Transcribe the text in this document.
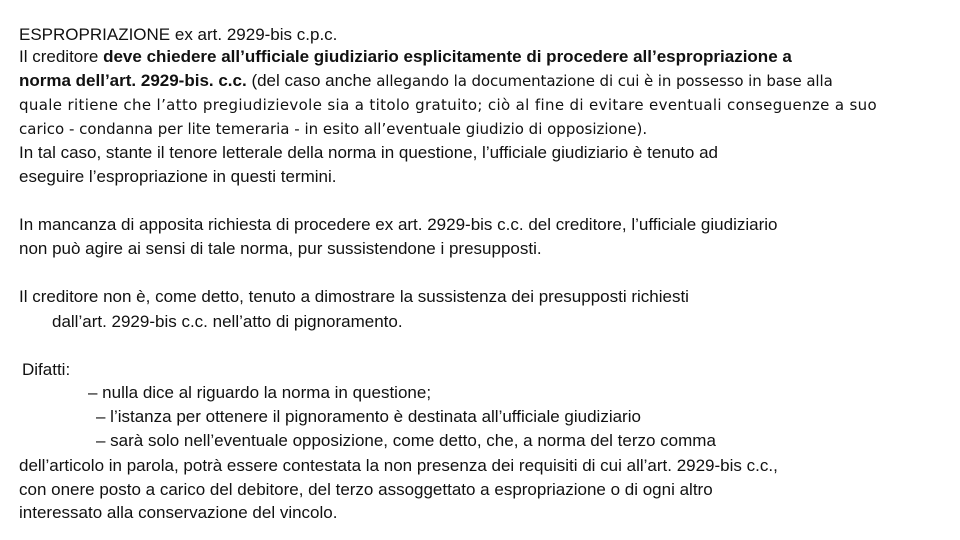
ESPROPRIAZIONE ex art. 2929-bis c.p.c.
Il creditore deve chiedere all’ufficiale giudiziario esplicitamente di procedere all’espropriazione a
norma dell’art. 2929-bis. c.c. (del caso anche allegando la documentazione di cui è in possesso in base alla
quale ritiene che l’atto pregiudizievole sia a titolo gratuito; ciò al fine di evitare eventuali conseguenze a suo
carico - condanna per lite temeraria - in esito all’eventuale giudizio di opposizione).
In tal caso, stante il tenore letterale della norma in questione, l’ufficiale giudiziario è tenuto ad
eseguire l’espropriazione in questi termini.
In mancanza di apposita richiesta di procedere ex art. 2929-bis c.c. del creditore, l’ufficiale giudiziario
non può agire ai sensi di tale norma, pur sussistendone i presupposti.
Il creditore non è, come detto, tenuto a dimostrare la sussistenza dei presupposti richiesti
dall’art. 2929-bis c.c. nell’atto di pignoramento.
Difatti:
– nulla dice al riguardo la norma in questione;
– l’istanza per ottenere il pignoramento è destinata all’ufficiale giudiziario
– sarà solo nell’eventuale opposizione, come detto, che, a norma del terzo comma
dell’articolo in parola, potrà essere contestata la non presenza dei requisiti di cui all’art. 2929-bis c.c.,
con onere posto a carico del debitore, del terzo assoggettato a espropriazione o di ogni altro
interessato alla conservazione del vincolo.
